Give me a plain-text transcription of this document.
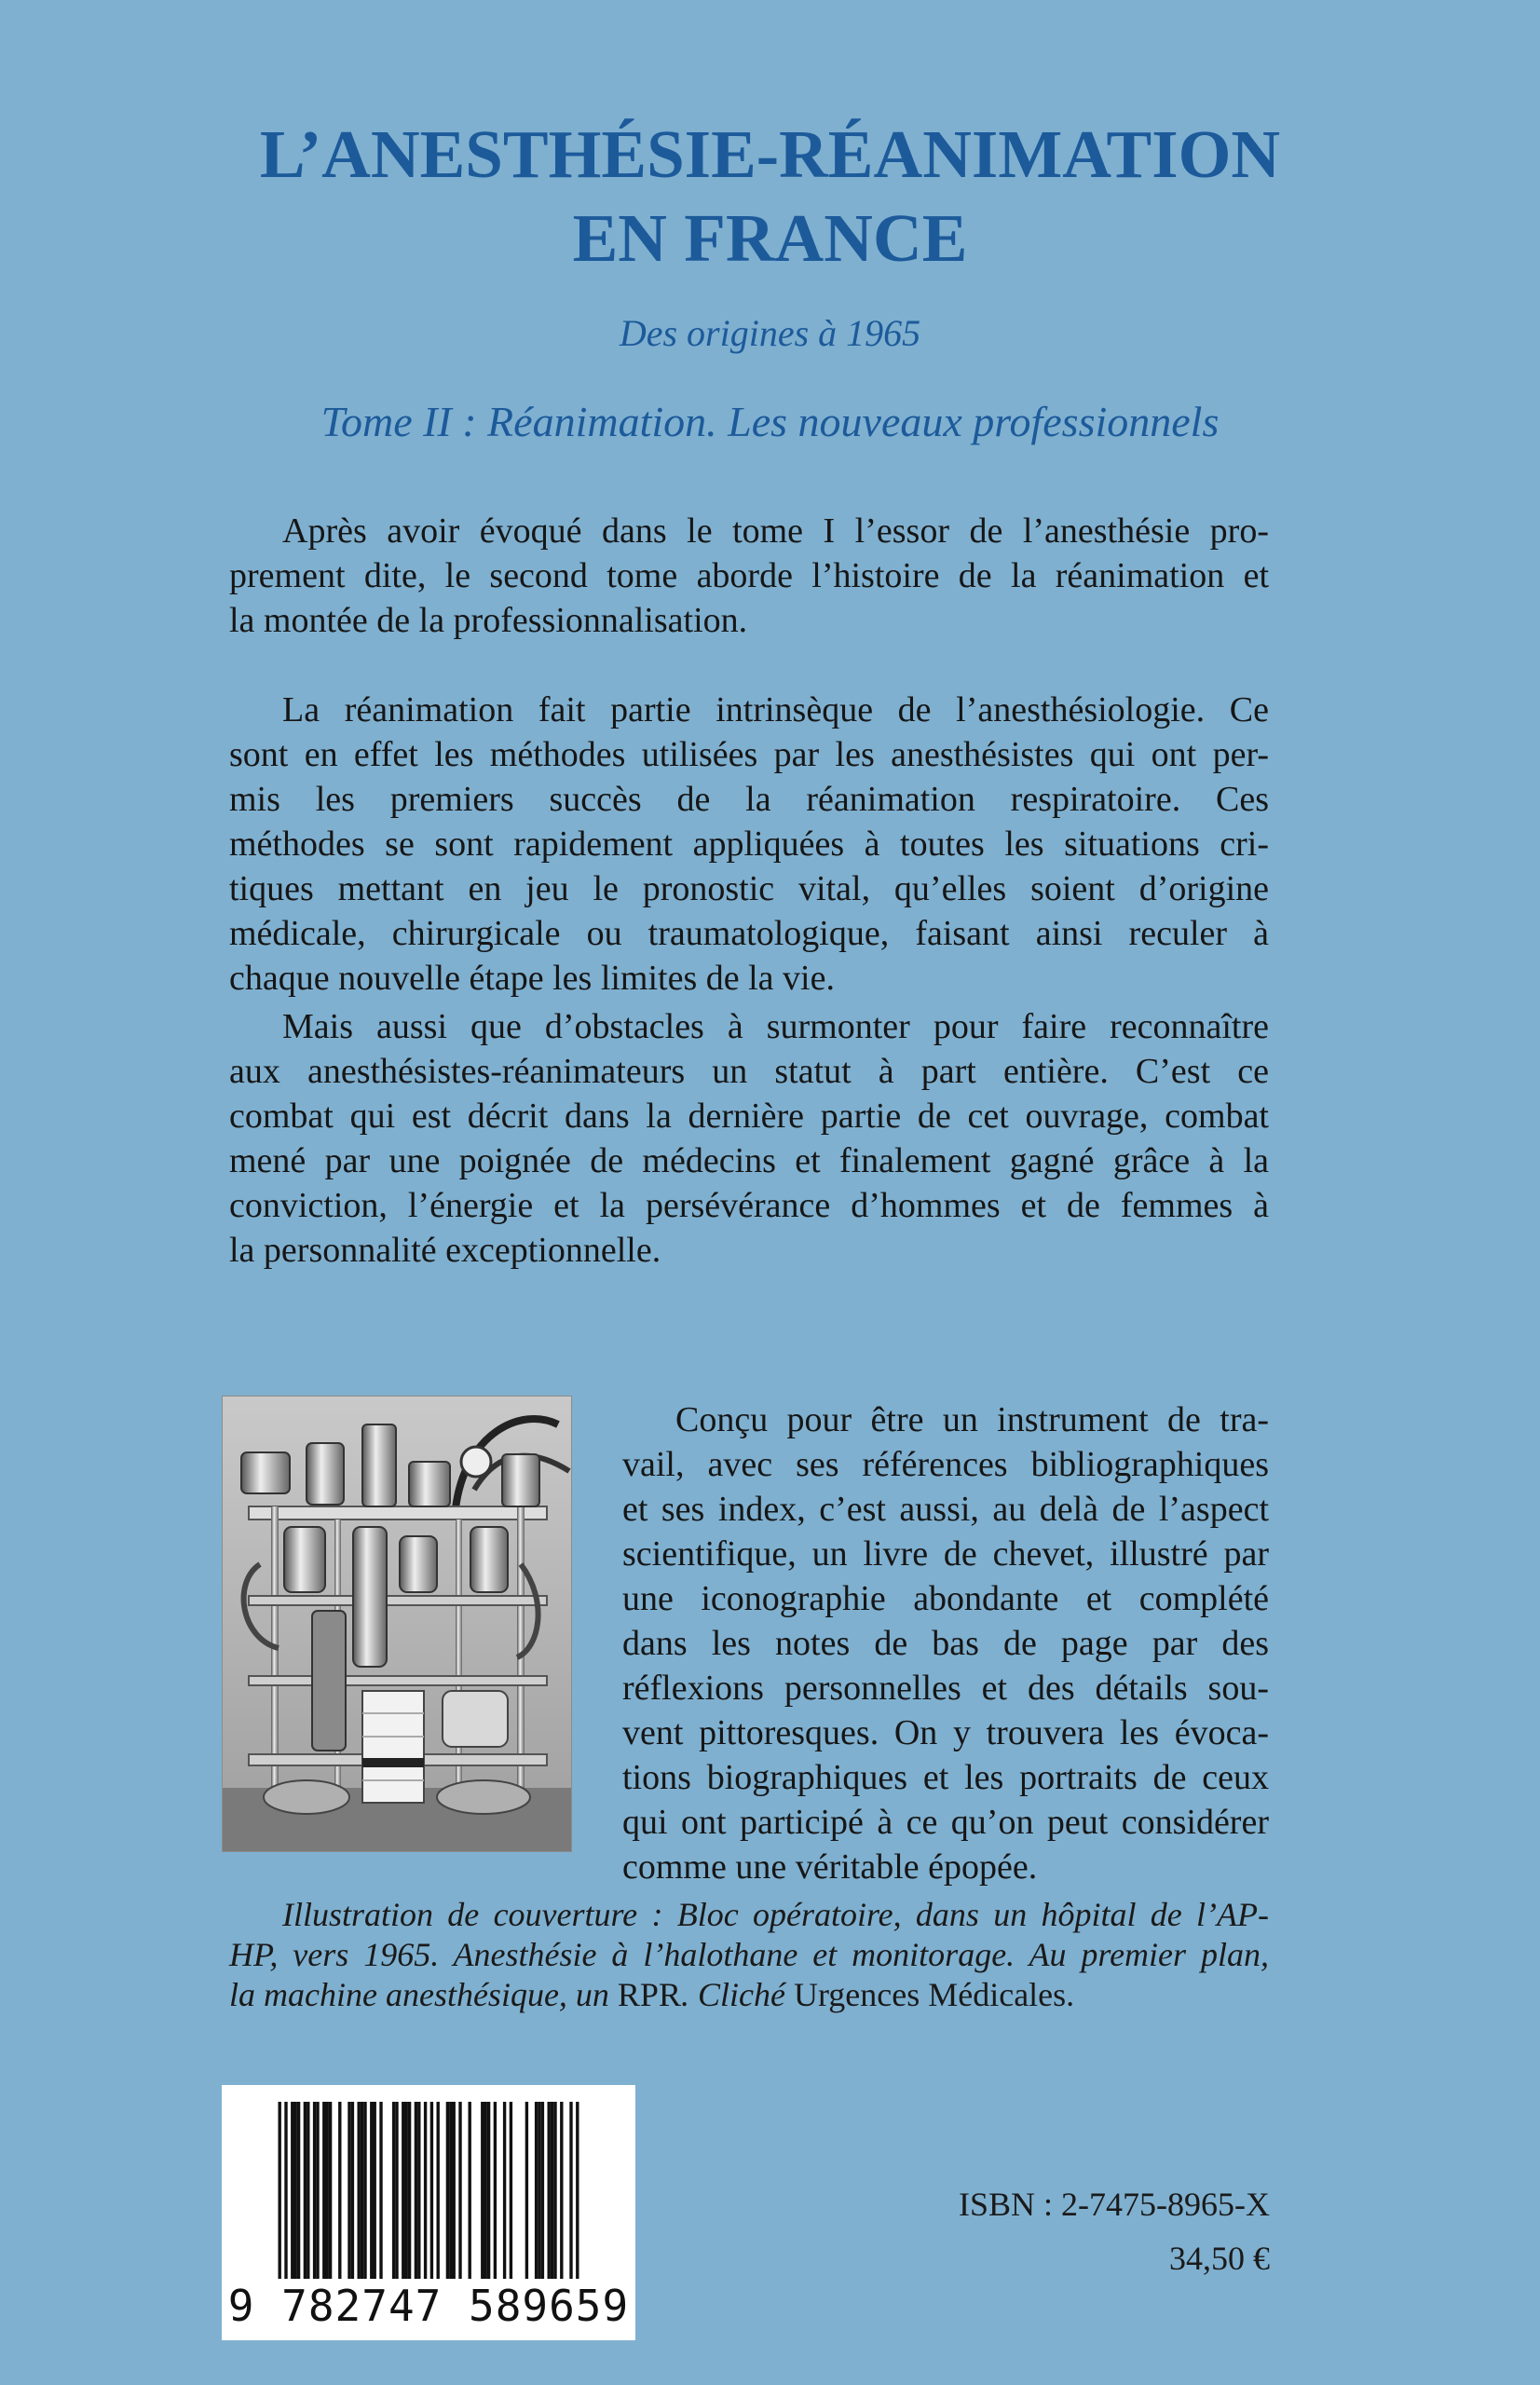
L’ANESTHÉSIE-RÉANIMATION
EN FRANCE
Des origines à 1965
Tome II : Réanimation. Les nouveaux professionnels
Après avoir évoqué dans le tome I l’essor de l’anesthésie pro-
prement dite, le second tome aborde l’histoire de la réanimation et
la montée de la professionnalisation.
La réanimation fait partie intrinsèque de l’anesthésiologie. Ce
sont en effet les méthodes utilisées par les anesthésistes qui ont per-
mis les premiers succès de la réanimation respiratoire. Ces
méthodes se sont rapidement appliquées à toutes les situations cri-
tiques mettant en jeu le pronostic vital, qu’elles soient d’origine
médicale, chirurgicale ou traumatologique, faisant ainsi reculer à
chaque nouvelle étape les limites de la vie.
Mais aussi que d’obstacles à surmonter pour faire reconnaître
aux anesthésistes-réanimateurs un statut à part entière. C’est ce
combat qui est décrit dans la dernière partie de cet ouvrage, combat
mené par une poignée de médecins et finalement gagné grâce à la
conviction, l’énergie et la persévérance d’hommes et de femmes à
la personnalité exceptionnelle.
Conçu pour être un instrument de tra-
vail, avec ses références bibliographiques
et ses index, c’est aussi, au delà de l’aspect
scientifique, un livre de chevet, illustré par
une iconographie abondante et complété
dans les notes de bas de page par des
réflexions personnelles et des détails sou-
vent pittoresques. On y trouvera les évoca-
tions biographiques et les portraits de ceux
qui ont participé à ce qu’on peut considérer
comme une véritable épopée.
Illustration de couverture : Bloc opératoire, dans un hôpital de l’AP-
HP, vers 1965. Anesthésie à l’halothane et monitorage. Au premier plan,
la machine anesthésique, un RPR. Cliché Urgences Médicales.
9 782747 589659
ISBN : 2-7475-8965-X
34,50 €
